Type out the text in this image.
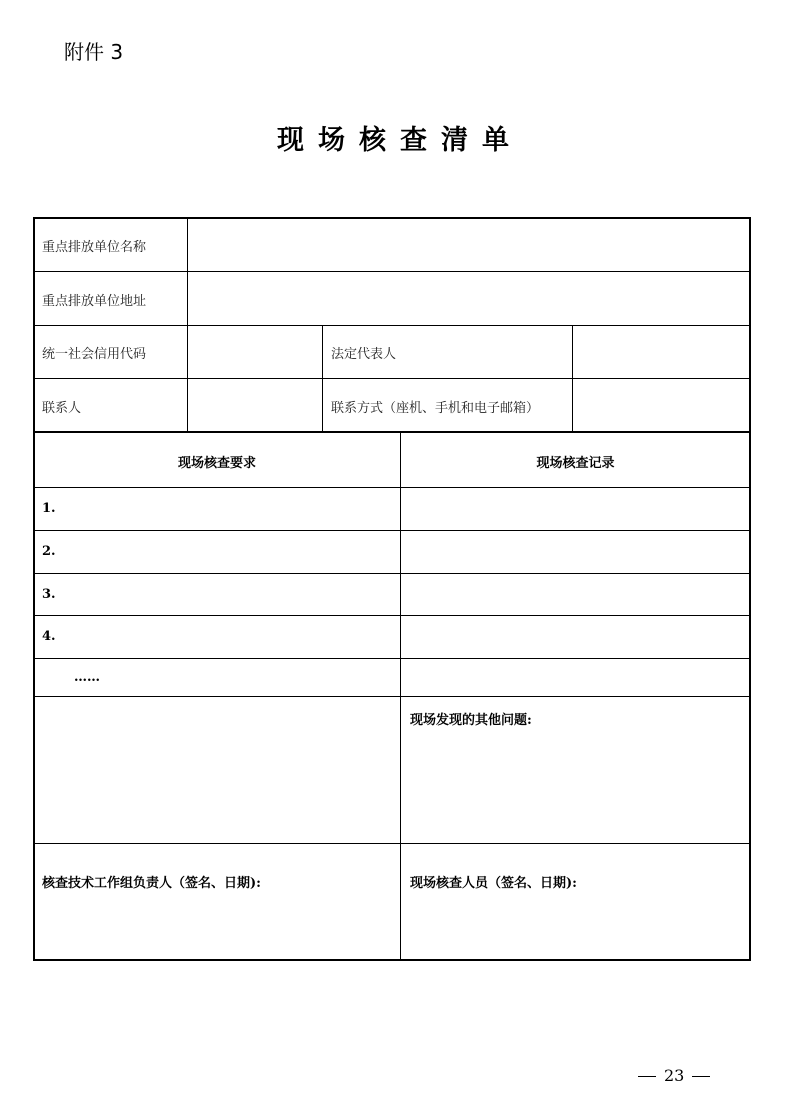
附件 3
现场核查清单
重点排放单位名称
重点排放单位地址
统一社会信用代码	法定代表人
联系人	联系方式（座机、手机和电子邮箱）
现场核查要求	现场核查记录
1.
2.
3.
4.
……
现场发现的其他问题:
核查技术工作组负责人（签名、日期):	现场核查人员（签名、日期):
23
